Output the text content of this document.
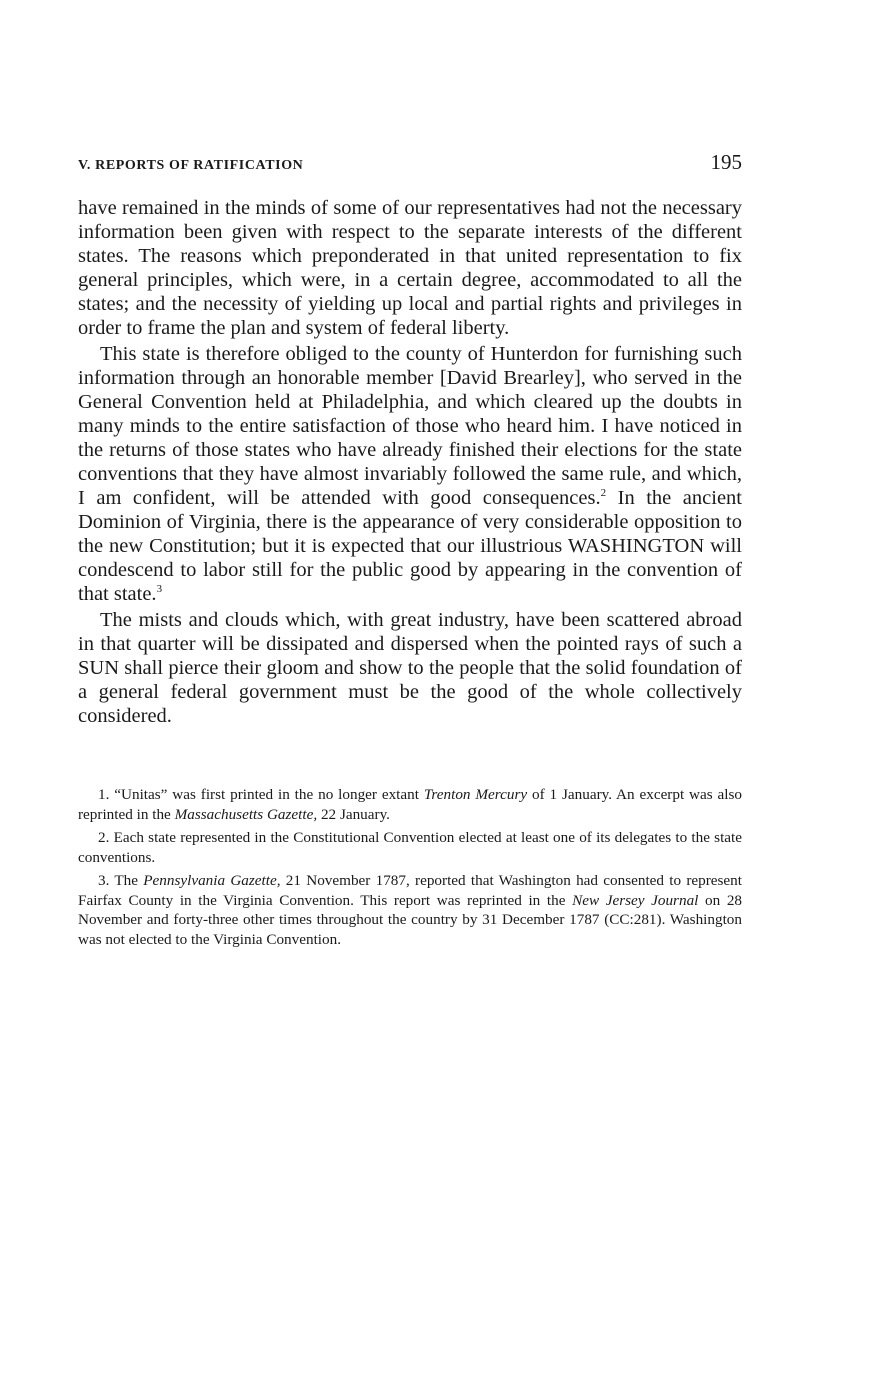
V. REPORTS OF RATIFICATION	195

have remained in the minds of some of our representatives had not the necessary information been given with respect to the separate interests of the different states. The reasons which preponderated in that united representation to fix general principles, which were, in a certain degree, accommodated to all the states; and the necessity of yielding up local and partial rights and privileges in order to frame the plan and system of federal liberty.

This state is therefore obliged to the county of Hunterdon for furnishing such information through an honorable member [David Brearley], who served in the General Convention held at Philadelphia, and which cleared up the doubts in many minds to the entire satisfaction of those who heard him. I have noticed in the returns of those states who have already finished their elections for the state conventions that they have almost invariably followed the same rule, and which, I am confident, will be attended with good consequences.$^2$ In the ancient Dominion of Virginia, there is the appearance of very considerable opposition to the new Constitution; but it is expected that our illustrious WASHINGTON will condescend to labor still for the public good by appearing in the convention of that state.$^3$

The mists and clouds which, with great industry, have been scattered abroad in that quarter will be dissipated and dispersed when the pointed rays of such a SUN shall pierce their gloom and show to the people that the solid foundation of a general federal government must be the good of the whole collectively considered.

1. “Unitas” was first printed in the no longer extant Trenton Mercury of 1 January. An excerpt was also reprinted in the Massachusetts Gazette, 22 January.

2. Each state represented in the Constitutional Convention elected at least one of its delegates to the state conventions.

3. The Pennsylvania Gazette, 21 November 1787, reported that Washington had consented to represent Fairfax County in the Virginia Convention. This report was reprinted in the New Jersey Journal on 28 November and forty-three other times throughout the country by 31 December 1787 (CC:281). Washington was not elected to the Virginia Convention.
